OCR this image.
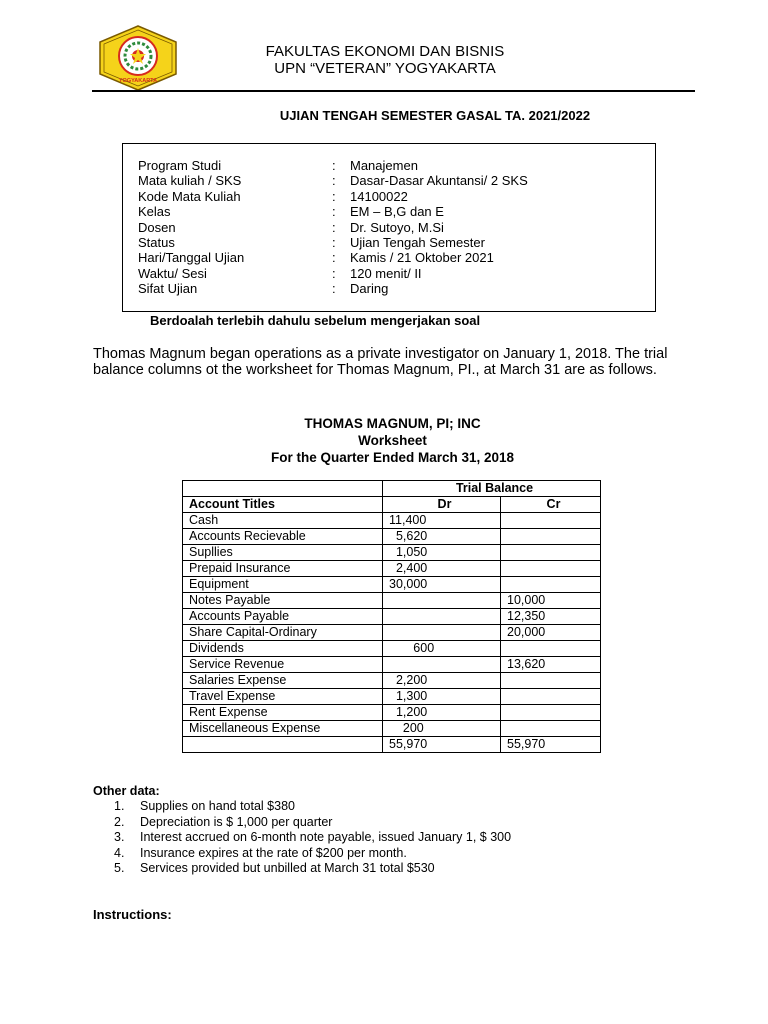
YOGYAKARTA
FAKULTAS EKONOMI DAN BISNIS
UPN “VETERAN” YOGYAKARTA
UJIAN TENGAH SEMESTER GASAL TA. 2021/2022
Program Studi	: Manajemen
Mata kuliah / SKS	: Dasar-Dasar Akuntansi/ 2 SKS
Kode Mata Kuliah	: 14100022
Kelas	: EM – B,G dan E
Dosen	: Dr. Sutoyo, M.Si
Status	: Ujian Tengah Semester
Hari/Tanggal Ujian	: Kamis / 21 Oktober 2021
Waktu/ Sesi	: 120 menit/ II
Sifat Ujian	: Daring
Berdoalah terlebih dahulu sebelum mengerjakan soal
Thomas Magnum began operations as a private investigator on January 1, 2018. The trial balance columns ot the worksheet for Thomas Magnum, PI., at March 31 are as follows.
THOMAS MAGNUM, PI; INC
Worksheet
For the Quarter Ended March 31, 2018
	Trial Balance	
Account Titles	Dr	Cr
Cash	11,400	
Accounts Recievable	5,620	
Supllies	1,050	
Prepaid Insurance	2,400	
Equipment	30,000	
Notes Payable		10,000
Accounts Payable		12,350
Share Capital-Ordinary		20,000
Dividends	600	
Service Revenue		13,620
Salaries Expense	2,200	
Travel Expense	1,300	
Rent Expense	1,200	
Miscellaneous Expense	200	
	55,970	55,970
Other data:
1. Supplies on hand total $380
2. Depreciation is $ 1,000 per quarter
3. Interest accrued on 6-month note payable, issued January 1, $ 300
4. Insurance expires at the rate of $200 per month.
5. Services provided but unbilled at March 31 total $530
Instructions:
